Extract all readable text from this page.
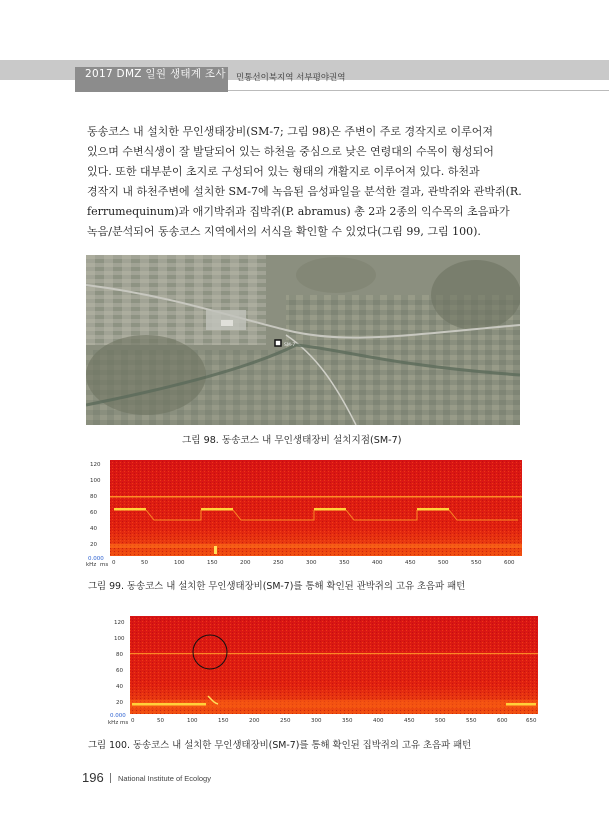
2017 DMZ 일원 생태계 조사 민통선이북지역 서부평야권역
동송코스 내 설치한 무인생태장비(SM-7; 그림 98)은 주변이 주로 경작지로 이루어져
있으며 수변식생이 잘 발달되어 있는 하천을 중심으로 낮은 연령대의 수목이 형성되어
있다. 또한 대부분이 초지로 구성되어 있는 형태의 개활지로 이루어져 있다. 하천과
경작지 내 하천주변에 설치한 SM-7에 녹음된 음성파일을 분석한 결과, 관박쥐와 관박쥐(R.
ferrumequinum)과 애기박쥐과 집박쥐(P. abramus) 총 2과 2종의 익수목의 초음파가
녹음/분석되어 동송코스 지역에서의 서식을 확인할 수 있었다(그림 99, 그림 100).
SM-7
그림 98. 동송코스 내 무인생태장비 설치지점(SM-7)
120
100
80
60
40
20
0.000
kHz ms 0	50	100	150	200	250	300	350	400	450	500	550	600
그림 99. 동송코스 내 설치한 무인생태장비(SM-7)를 통해 확인된 관박쥐의 고유 초음파 패턴
120
100
80
60
40
20
0.000
kHz ms 0	50	100	150	200	250	300	350	400	450	500	550	600	650
그림 100. 동송코스 내 설치한 무인생태장비(SM-7)를 통해 확인된 집박쥐의 고유 초음파 패턴
196 National Institute of Ecology
